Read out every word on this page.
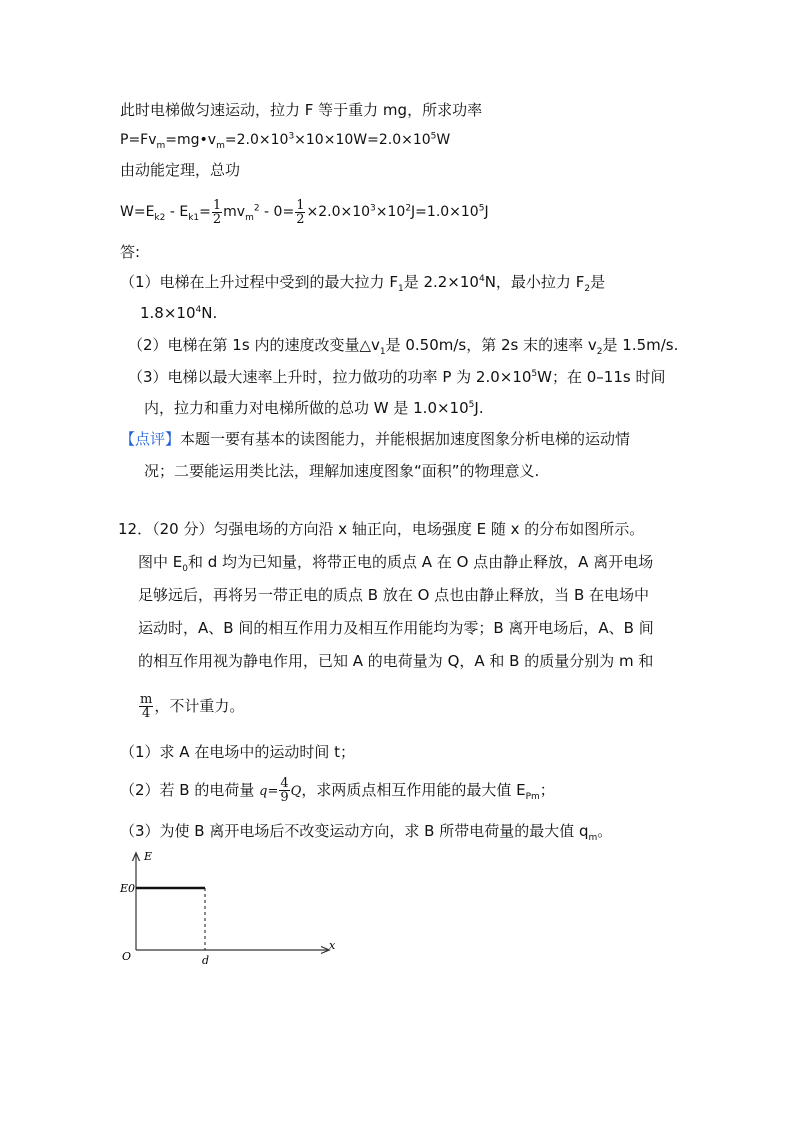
此时电梯做匀速运动，拉力 F 等于重力 mg，所求功率
$P=Fv_m=mg•v_m=2.0\times 10^3\times 10\times 10W=2.0\times 10^5W$
由动能定理，总功
$W=E_{k2} - E_{k1}= \frac{1}{2} mv_m^2 - 0= \frac{1}{2} \times 2.0\times 10^3\times 10^2J=1.0\times 10^5J$
答:
（1）电梯在上升过程中受到的最大拉力 $F_1$是 $2.2\times 10^4N$，最小拉力 $F_2$是
$1.8\times 10^4N$.
（2）电梯在第 1s 内的速度改变量$\triangle v_1$是 0.50m/s，第 2s 末的速率 $v_2$是 1.5m/s.
（3）电梯以最大速率上升时，拉力做功的功率 P 为 $2.0\times 10^5W$；在 0–11s 时间
内，拉力和重力对电梯所做的总功 W 是 $1.0\times 10^5J$.
【点评】本题一要有基本的读图能力，并能根据加速度图象分析电梯的运动情
况；二要能运用类比法，理解加速度图象“面积”的物理意义.
12．（20 分）匀强电场的方向沿 x 轴正向，电场强度 E 随 x 的分布如图所示。
图中 $E_0$和 d 均为已知量，将带正电的质点 A 在 O 点由静止释放，A 离开电场
足够远后，再将另一带正电的质点 B 放在 O 点也由静止释放，当 B 在电场中
运动时，A、B 间的相互作用力及相互作用能均为零；B 离开电场后，A、B 间
的相互作用视为静电作用，已知 A 的电荷量为 Q，A 和 B 的质量分别为 m 和
$\frac{m}{4}$ ，不计重力。
（1）求 A 在电场中的运动时间 t；
（2）若 B 的电荷量 $q= \frac{4}{9}$ Q，求两质点相互作用能的最大值 $E_{Pm}$；
（3）为使 B 离开电场后不改变运动方向，求 B 所带电荷量的最大值 $q_m$。
E
x
O
E0
d
